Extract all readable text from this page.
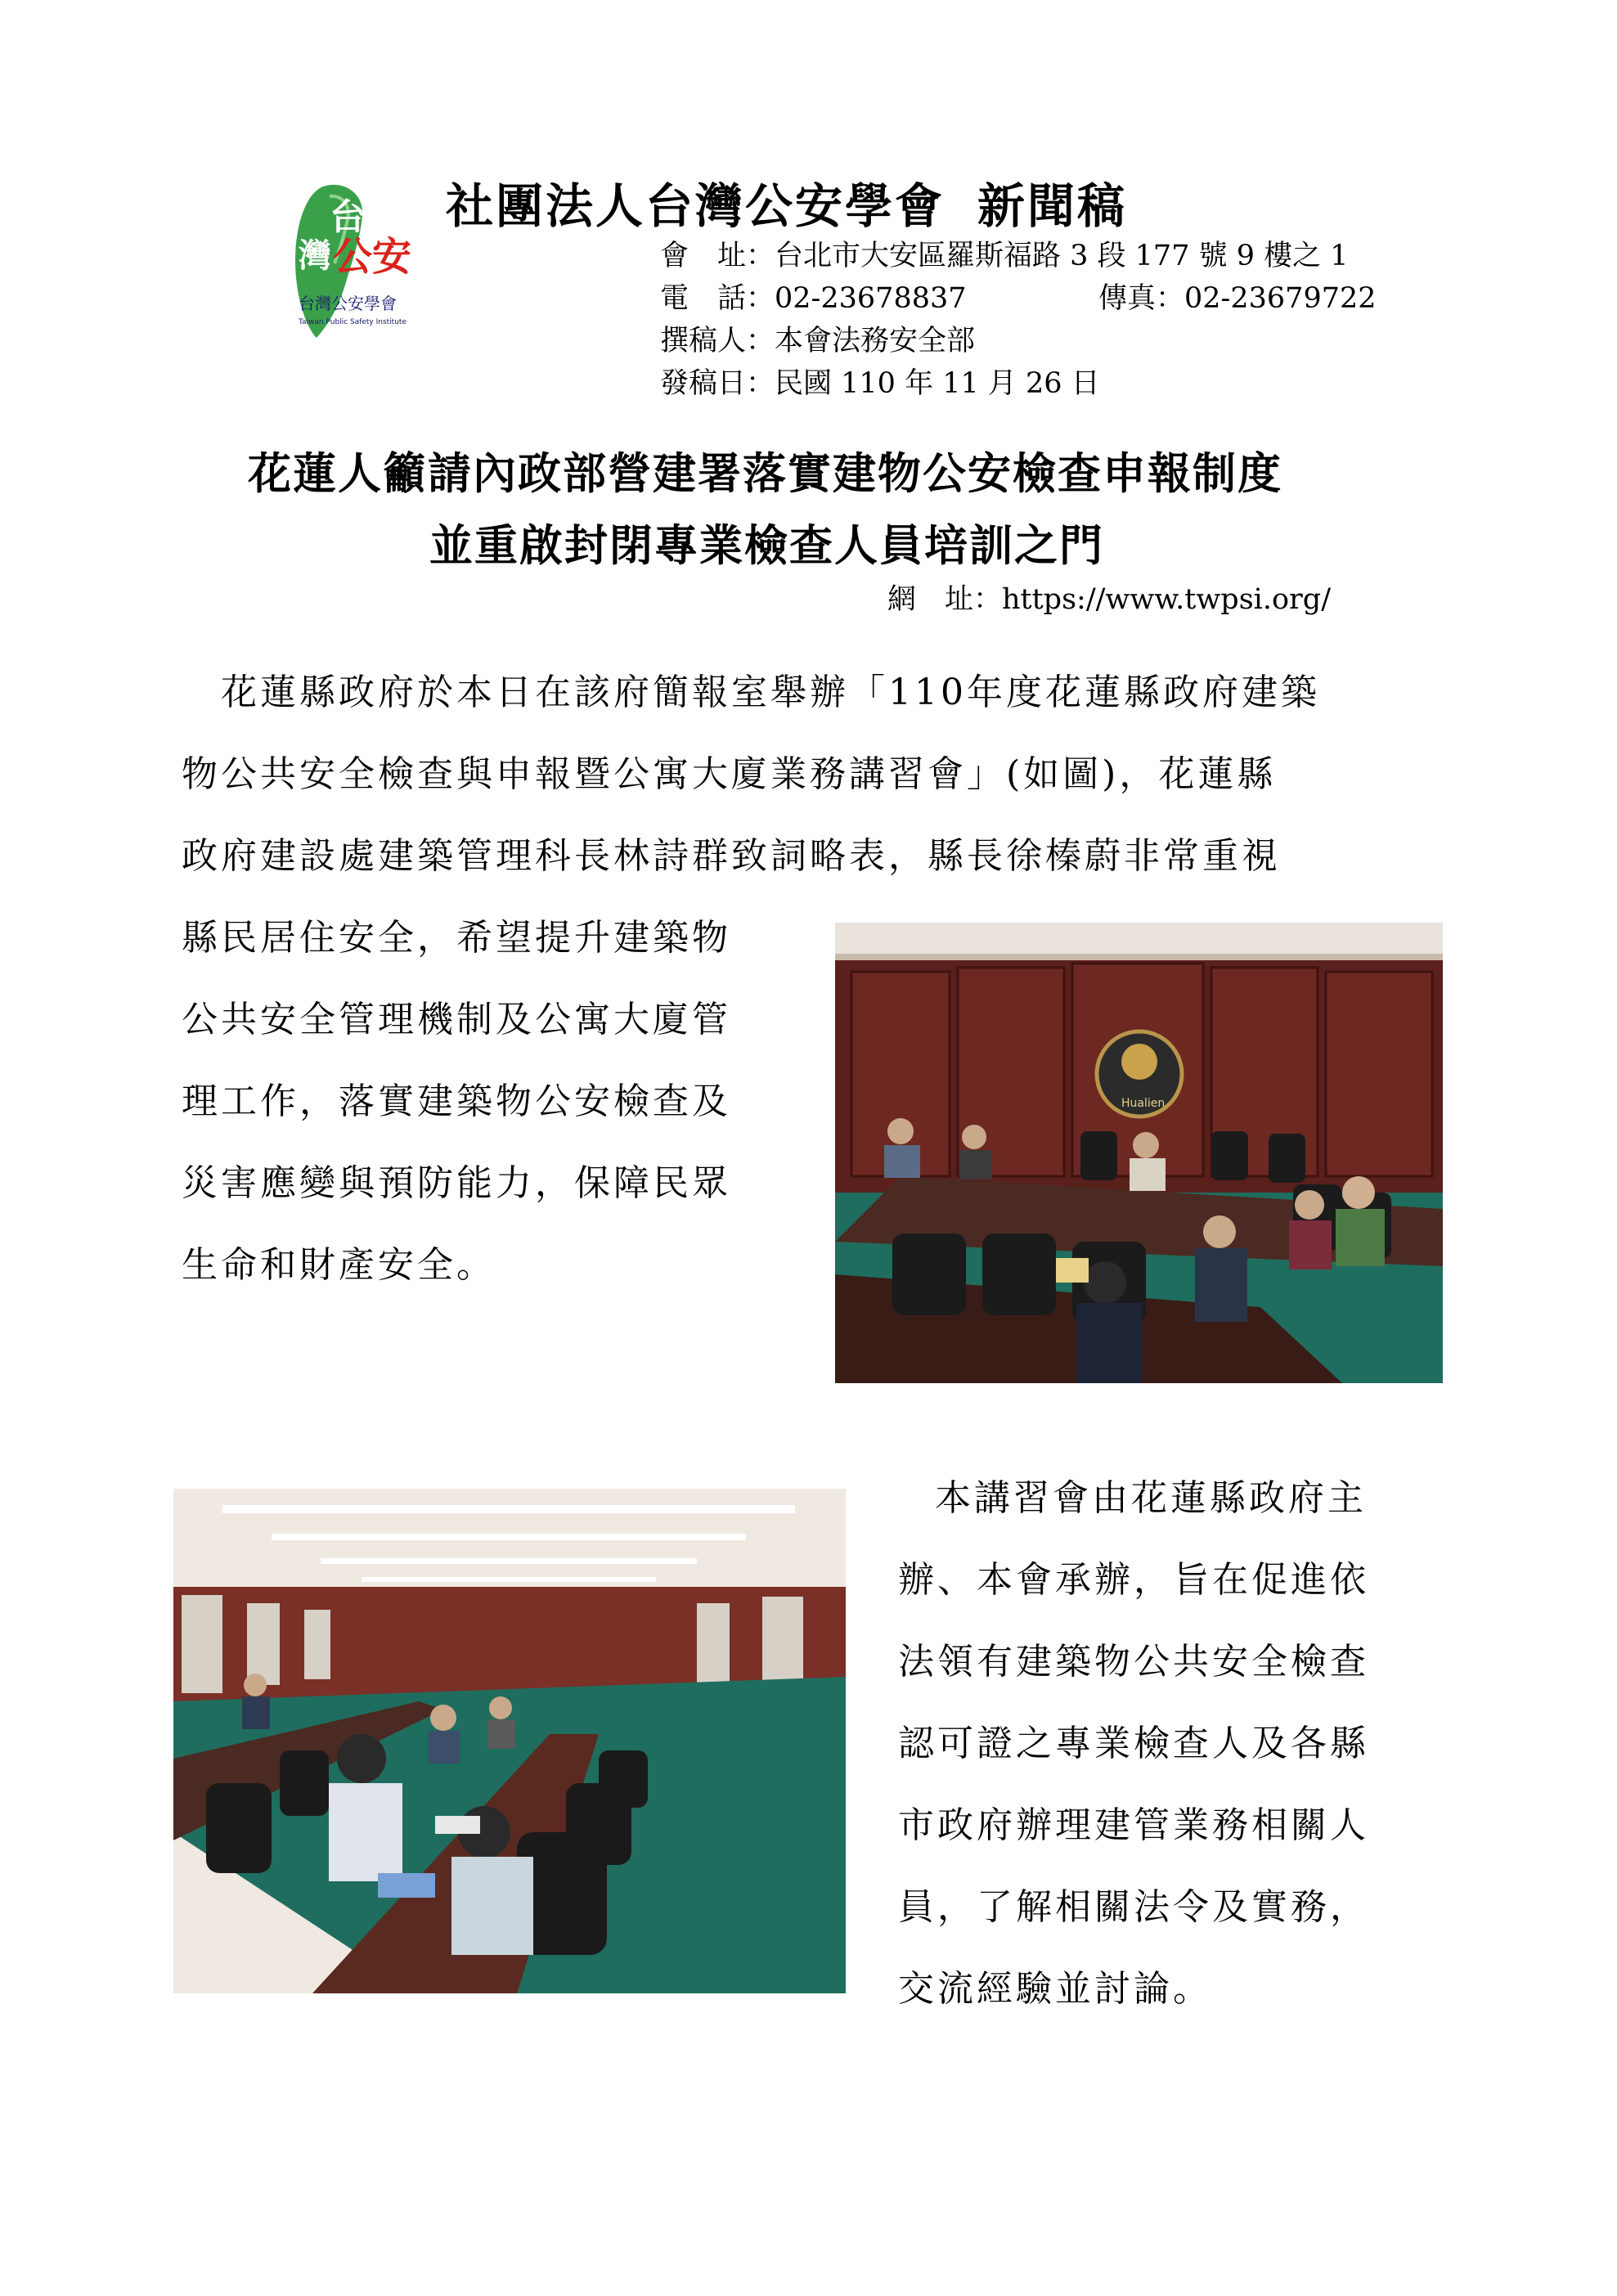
台
灣 公安
台灣公安學會
Taiwan Public Safety Institute
社團法人台灣公安學會 新聞稿
會　址：台北市大安區羅斯福路 3 段 177 號 9 樓之 1
電　話：02-23678837	傳真：02-23679722
撰稿人：本會法務安全部
發稿日：民國 110 年 11 月 26 日
花蓮人籲請內政部營建署落實建物公安檢查申報制度
並重啟封閉專業檢查人員培訓之門
網　址：https://www.twpsi.org/
花蓮縣政府於本日在該府簡報室舉辦「110年度花蓮縣政府建築
物公共安全檢查與申報暨公寓大廈業務講習會」(如圖)，花蓮縣
政府建設處建築管理科長林詩群致詞略表，縣長徐榛蔚非常重視
縣民居住安全，希望提升建築物
公共安全管理機制及公寓大廈管
理工作，落實建築物公安檢查及
災害應變與預防能力，保障民眾
生命和財產安全。
Hualien
本講習會由花蓮縣政府主
辦、本會承辦，旨在促進依
法領有建築物公共安全檢查
認可證之專業檢查人及各縣
市政府辦理建管業務相關人
員，了解相關法令及實務，
交流經驗並討論。
